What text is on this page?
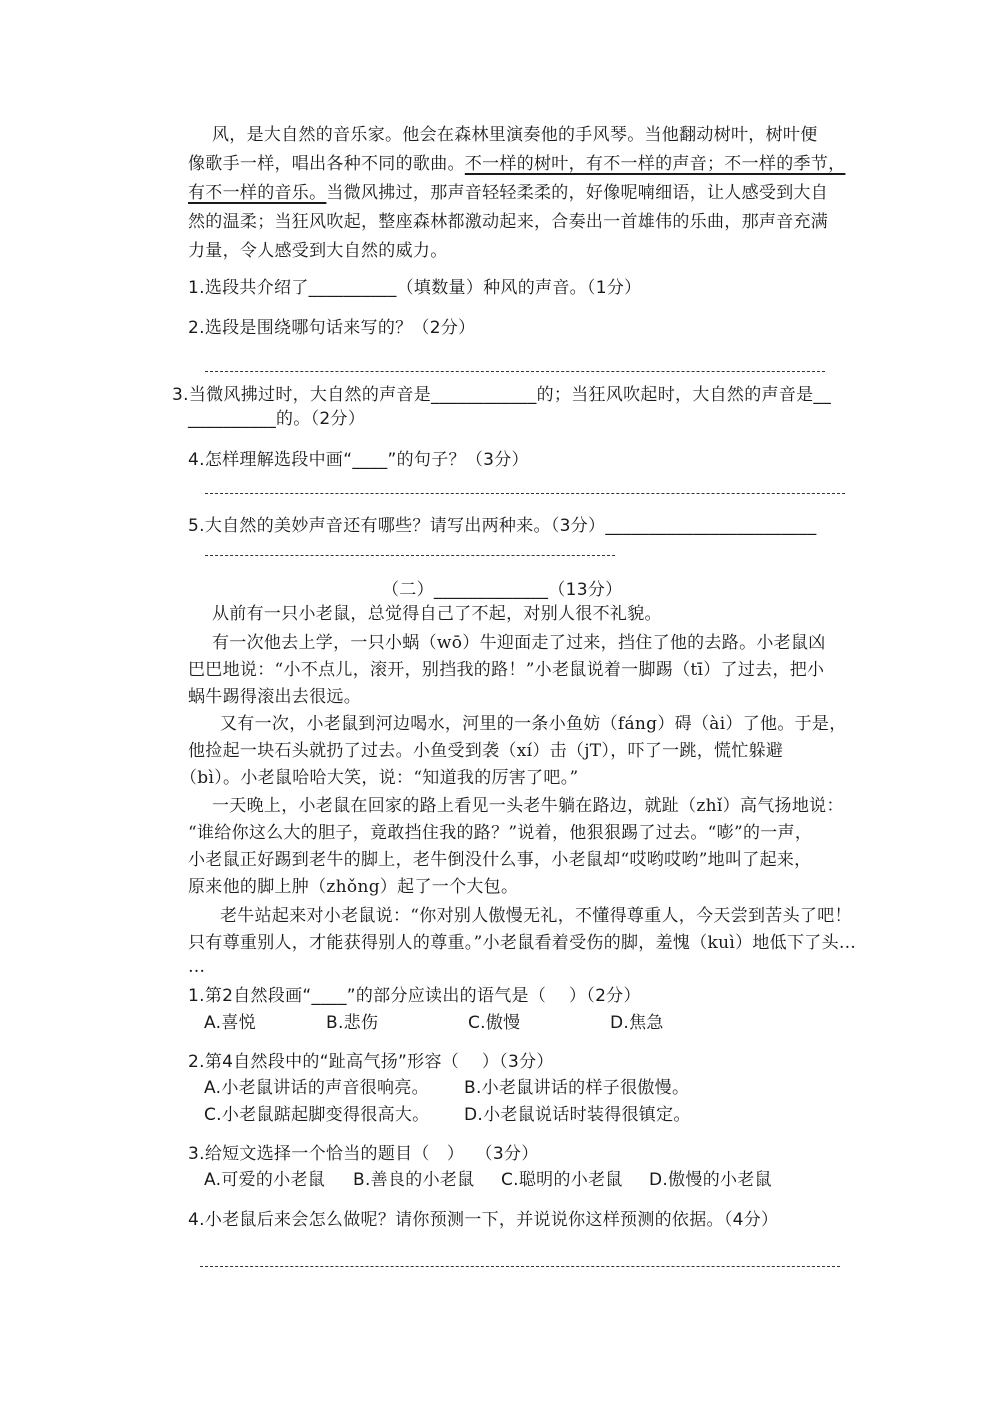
风，是大自然的音乐家。他会在森林里演奏他的手风琴。当他翻动树叶，树叶便
像歌手一样，唱出各种不同的歌曲。不一样的树叶，有不一样的声音；不一样的季节，
有不一样的音乐。当微风拂过，那声音轻轻柔柔的，好像呢喃细语，让人感受到大自
然的温柔；当狂风吹起，整座森林都激动起来，合奏出一首雄伟的乐曲，那声音充满
力量，令人感受到大自然的威力。
1.选段共介绍了__________（填数量）种风的声音。（1分）
2.选段是围绕哪句话来写的？（2分）
3.当微风拂过时，大自然的声音是____________的；当狂风吹起时，大自然的声音是__
__________的。（2分）
4.怎样理解选段中画“____”的句子？（3分）
5.大自然的美妙声音还有哪些？请写出两种来。（3分）________________________
（二）_____________（13分）
从前有一只小老鼠，总觉得自己了不起，对别人很不礼貌。
有一次他去上学，一只小蜗（wō）牛迎面走了过来，挡住了他的去路。小老鼠凶
巴巴地说：“小不点儿，滚开，别挡我的路！”小老鼠说着一脚踢（tī）了过去，把小
蜗牛踢得滚出去很远。
又有一次，小老鼠到河边喝水，河里的一条小鱼妨（fáng）碍（ài）了他。于是，
他捡起一块石头就扔了过去。小鱼受到袭（xí）击（jT），吓了一跳，慌忙躲避
（bì）。小老鼠哈哈大笑，说：“知道我的厉害了吧。”
一天晚上，小老鼠在回家的路上看见一头老牛躺在路边，就趾（zhǐ）高气扬地说：
“谁给你这么大的胆子，竟敢挡住我的路？”说着，他狠狠踢了过去。“嘭”的一声，
小老鼠正好踢到老牛的脚上，老牛倒没什么事，小老鼠却“哎哟哎哟”地叫了起来，
原来他的脚上肿（zhǒng）起了一个大包。
老牛站起来对小老鼠说：“你对别人傲慢无礼，不懂得尊重人，今天尝到苦头了吧！
只有尊重别人，才能获得别人的尊重。”小老鼠看着受伤的脚，羞愧（kuì）地低下了头…
…
1.第2自然段画“____”的部分应读出的语气是（    ）（2分）
A.喜悦	B.悲伤	C.傲慢	D.焦急
2.第4自然段中的“趾高气扬”形容（    ）（3分）
A.小老鼠讲话的声音很响亮。 B.小老鼠讲话的样子很傲慢。
C.小老鼠踮起脚变得很高大。 D.小老鼠说话时装得很镇定。
3.给短文选择一个恰当的题目（   ）  （3分）
A.可爱的小老鼠 B.善良的小老鼠 C.聪明的小老鼠 D.傲慢的小老鼠
4.小老鼠后来会怎么做呢？请你预测一下，并说说你这样预测的依据。（4分）
